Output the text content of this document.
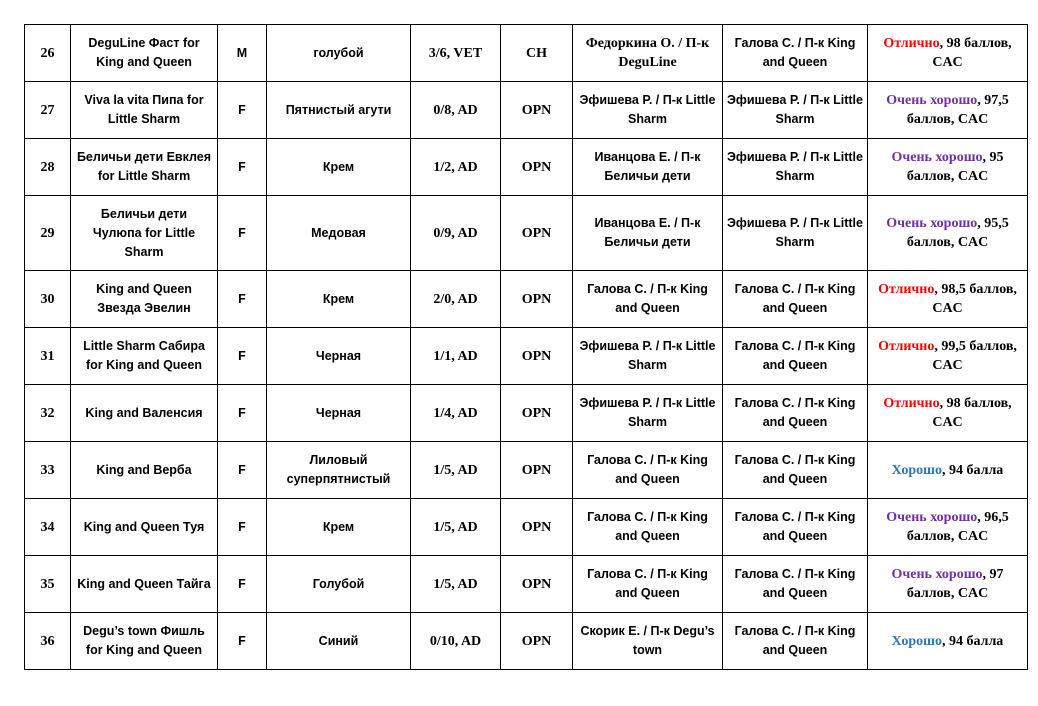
26	DeguLine Фаст for King and Queen	M	голубой	3/6, VET	CH	Федоркина О. / П-к DeguLine	Галова С. / П-к King and Queen	Отлично, 98 баллов, CAC
27	Viva la vita Пипа for Little Sharm	F	Пятнистый агути	0/8, AD	OPN	Эфишева Р. / П-к Little Sharm	Эфишева Р. / П-к Little Sharm	Очень хорошо, 97,5 баллов, CAC
28	Беличьи дети Евклея for Little Sharm	F	Крем	1/2, AD	OPN	Иванцова Е. / П-к Беличьи дети	Эфишева Р. / П-к Little Sharm	Очень хорошо, 95 баллов, CAC
29	Беличьи дети Чулюпа for Little Sharm	F	Медовая	0/9, AD	OPN	Иванцова Е. / П-к Беличьи дети	Эфишева Р. / П-к Little Sharm	Очень хорошо, 95,5 баллов, CAC
30	King and Queen Звезда Эвелин	F	Крем	2/0, AD	OPN	Галова С. / П-к King and Queen	Галова С. / П-к King and Queen	Отлично, 98,5 баллов, CAC
31	Little Sharm Сабира for King and Queen	F	Черная	1/1, AD	OPN	Эфишева Р. / П-к Little Sharm	Галова С. / П-к King and Queen	Отлично, 99,5 баллов, CAC
32	King and Валенсия	F	Черная	1/4, AD	OPN	Эфишева Р. / П-к Little Sharm	Галова С. / П-к King and Queen	Отлично, 98 баллов, CAC
33	King and Верба	F	Лиловый суперпятнистый	1/5, AD	OPN	Галова С. / П-к King and Queen	Галова С. / П-к King and Queen	Хорошо, 94 балла
34	King and Queen Туя	F	Крем	1/5, AD	OPN	Галова С. / П-к King and Queen	Галова С. / П-к King and Queen	Очень хорошо, 96,5 баллов, CAC
35	King and Queen Тайга	F	Голубой	1/5, AD	OPN	Галова С. / П-к King and Queen	Галова С. / П-к King and Queen	Очень хорошо, 97 баллов, CAC
36	Degu’s town Фишль for King and Queen	F	Синий	0/10, AD	OPN	Скорик Е. / П-к Degu’s town	Галова С. / П-к King and Queen	Хорошо, 94 балла
